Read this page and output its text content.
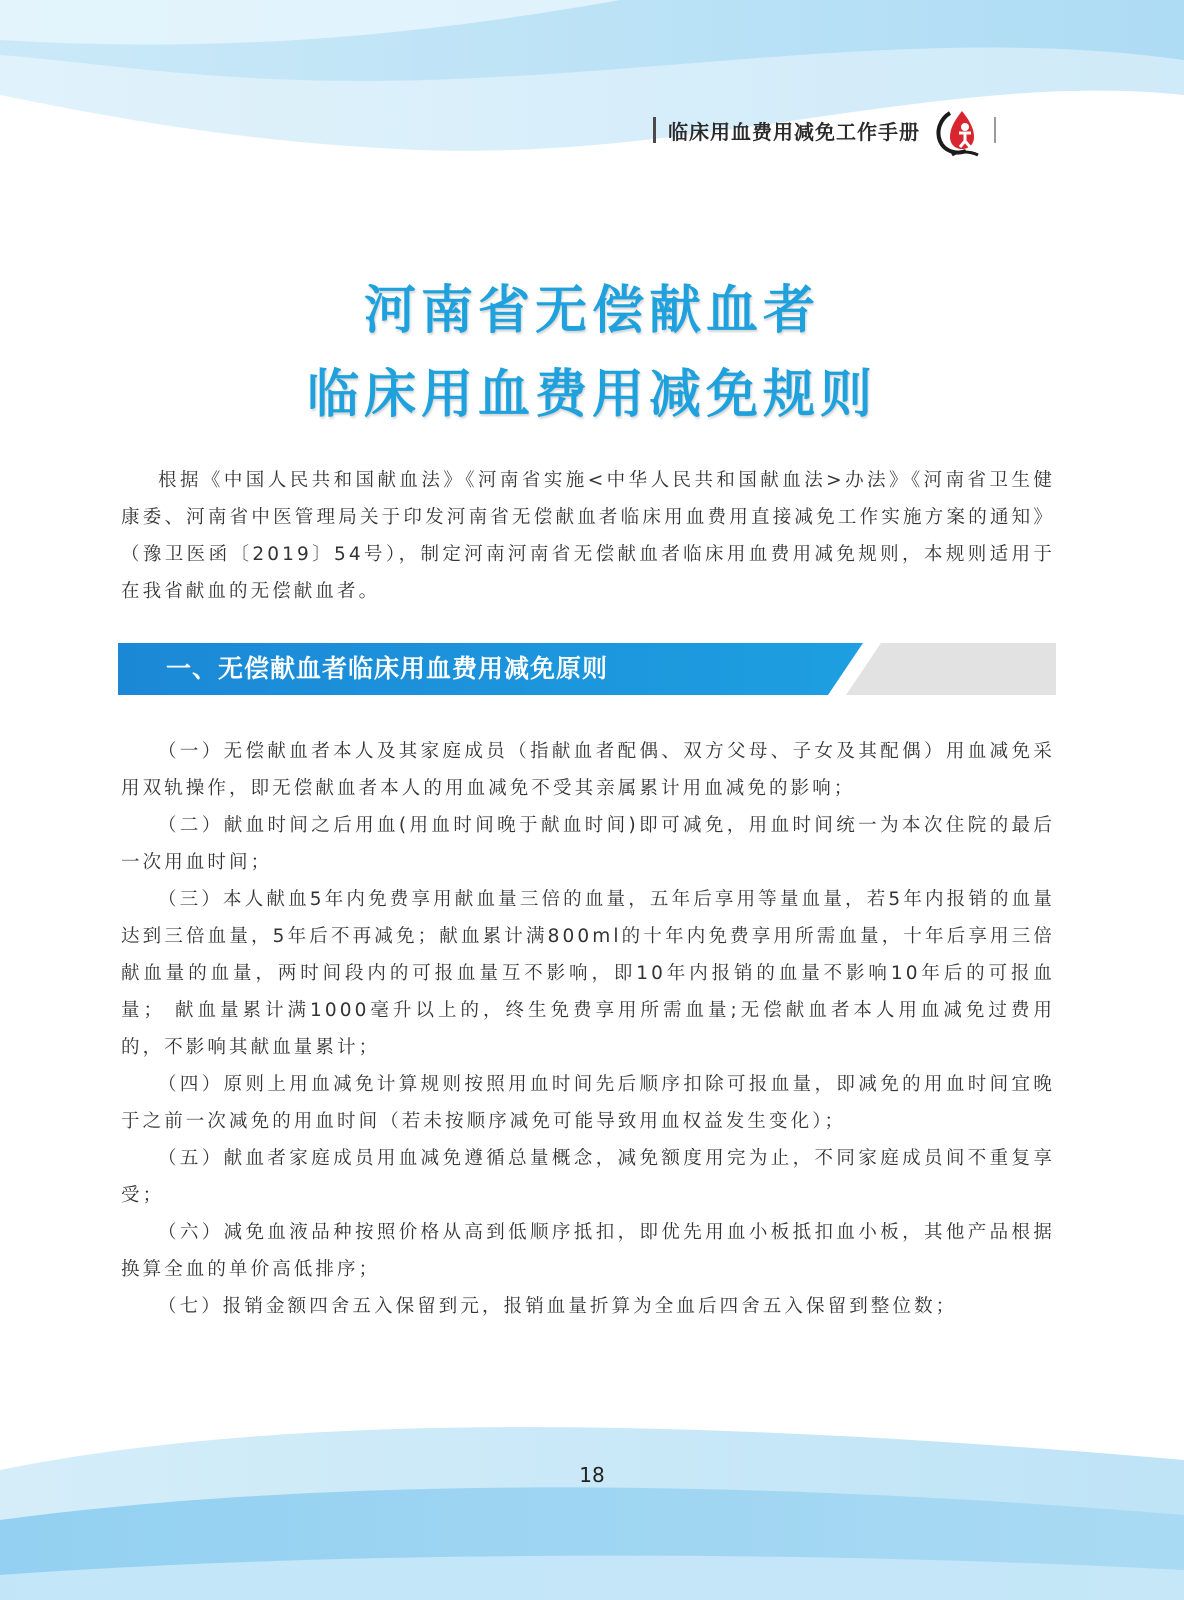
临床用血费用减免工作手册
河南省无偿献血者
临床用血费用减免规则

根据《中国人民共和国献血法》《河南省实施<中华人民共和国献血法>办法》《河南省卫生健康委、河南省中医管理局关于印发河南省无偿献血者临床用血费用直接减免工作实施方案的通知》（豫卫医函〔2019〕54号），制定河南河南省无偿献血者临床用血费用减免规则，本规则适用于在我省献血的无偿献血者。

一、无偿献血者临床用血费用减免原则

（一）无偿献血者本人及其家庭成员（指献血者配偶、双方父母、子女及其配偶）用血减免采用双轨操作，即无偿献血者本人的用血减免不受其亲属累计用血减免的影响；

（二）献血时间之后用血(用血时间晚于献血时间)即可减免，用血时间统一为本次住院的最后一次用血时间；

（三）本人献血5年内免费享用献血量三倍的血量，五年后享用等量血量，若5年内报销的血量达到三倍血量，5年后不再减免；献血累计满800ml的十年内免费享用所需血量，十年后享用三倍献血量的血量，两时间段内的可报血量互不影响，即10年内报销的血量不影响10年后的可报血量； 献血量累计满1000毫升以上的，终生免费享用所需血量;无偿献血者本人用血减免过费用的，不影响其献血量累计；

（四）原则上用血减免计算规则按照用血时间先后顺序扣除可报血量，即减免的用血时间宜晚于之前一次减免的用血时间（若未按顺序减免可能导致用血权益发生变化）；

（五）献血者家庭成员用血减免遵循总量概念，减免额度用完为止，不同家庭成员间不重复享受；

（六）减免血液品种按照价格从高到低顺序抵扣，即优先用血小板抵扣血小板，其他产品根据换算全血的单价高低排序；

（七）报销金额四舍五入保留到元，报销血量折算为全血后四舍五入保留到整位数；

18
